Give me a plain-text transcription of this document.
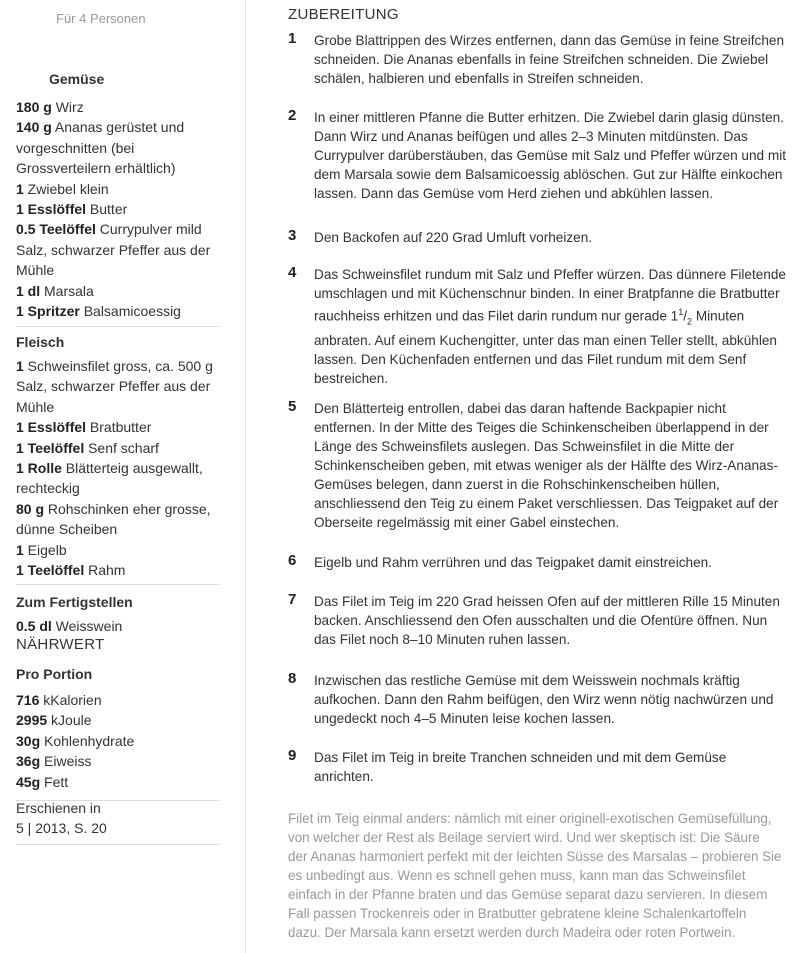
Für 4 Personen
Gemüse
180 g Wirz
140 g Ananas gerüstet und vorgeschnitten (bei Grossverteilern erhältlich)
1 Zwiebel klein
1 Esslöffel Butter
0.5 Teelöffel Currypulver mild
Salz, schwarzer Pfeffer aus der Mühle
1 dl Marsala
1 Spritzer Balsamicoessig
Fleisch
1 Schweinsfilet gross, ca. 500 g
Salz, schwarzer Pfeffer aus der Mühle
1 Esslöffel Bratbutter
1 Teelöffel Senf scharf
1 Rolle Blätterteig ausgewallt, rechteckig
80 g Rohschinken eher grosse, dünne Scheiben
1 Eigelb
1 Teelöffel Rahm
Zum Fertigstellen
0.5 dl Weisswein
NÄHRWERT
Pro Portion
716 kKalorien
2995 kJoule
30g Kohlenhydrate
36g Eiweiss
45g Fett
Erschienen in
5 | 2013, S. 20
ZUBEREITUNG
1 Grobe Blattrippen des Wirzes entfernen, dann das Gemüse in feine Streifchen schneiden. Die Ananas ebenfalls in feine Streifchen schneiden. Die Zwiebel schälen, halbieren und ebenfalls in Streifen schneiden.
2 In einer mittleren Pfanne die Butter erhitzen. Die Zwiebel darin glasig dünsten. Dann Wirz und Ananas beifügen und alles 2–3 Minuten mitdünsten. Das Currypulver darüberstäuben, das Gemüse mit Salz und Pfeffer würzen und mit dem Marsala sowie dem Balsamicoessig ablöschen. Gut zur Hälfte einkochen lassen. Dann das Gemüse vom Herd ziehen und abkühlen lassen.
3 Den Backofen auf 220 Grad Umluft vorheizen.
4 Das Schweinsfilet rundum mit Salz und Pfeffer würzen. Das dünnere Filetende umschlagen und mit Küchenschnur binden. In einer Bratpfanne die Bratbutter rauchheiss erhitzen und das Filet darin rundum nur gerade $1^1/_2$ Minuten anbraten. Auf einem Kuchengitter, unter das man einen Teller stellt, abkühlen lassen. Den Küchenfaden entfernen und das Filet rundum mit dem Senf bestreichen.
5 Den Blätterteig entrollen, dabei das daran haftende Backpapier nicht entfernen. In der Mitte des Teiges die Schinkenscheiben überlappend in der Länge des Schweinsfilets auslegen. Das Schweinsfilet in die Mitte der Schinkenscheiben geben, mit etwas weniger als der Hälfte des Wirz-Ananas-Gemüses belegen, dann zuerst in die Rohschinkenscheiben hüllen, anschliessend den Teig zu einem Paket verschliessen. Das Teigpaket auf der Oberseite regelmässig mit einer Gabel einstechen.
6 Eigelb und Rahm verrühren und das Teigpaket damit einstreichen.
7 Das Filet im Teig im 220 Grad heissen Ofen auf der mittleren Rille 15 Minuten backen. Anschliessend den Ofen ausschalten und die Ofentüre öffnen. Nun das Filet noch 8–10 Minuten ruhen lassen.
8 Inzwischen das restliche Gemüse mit dem Weisswein nochmals kräftig aufkochen. Dann den Rahm beifügen, den Wirz wenn nötig nachwürzen und ungedeckt noch 4–5 Minuten leise kochen lassen.
9 Das Filet im Teig in breite Tranchen schneiden und mit dem Gemüse anrichten.
Filet im Teig einmal anders: nämlich mit einer originell-exotischen Gemüsefüllung, von welcher der Rest als Beilage serviert wird. Und wer skeptisch ist: Die Säure der Ananas harmoniert perfekt mit der leichten Süsse des Marsalas – probieren Sie es unbedingt aus. Wenn es schnell gehen muss, kann man das Schweinsfilet einfach in der Pfanne braten und das Gemüse separat dazu servieren. In diesem Fall passen Trockenreis oder in Bratbutter gebratene kleine Schalenkartoffeln dazu. Der Marsala kann ersetzt werden durch Madeira oder roten Portwein.
